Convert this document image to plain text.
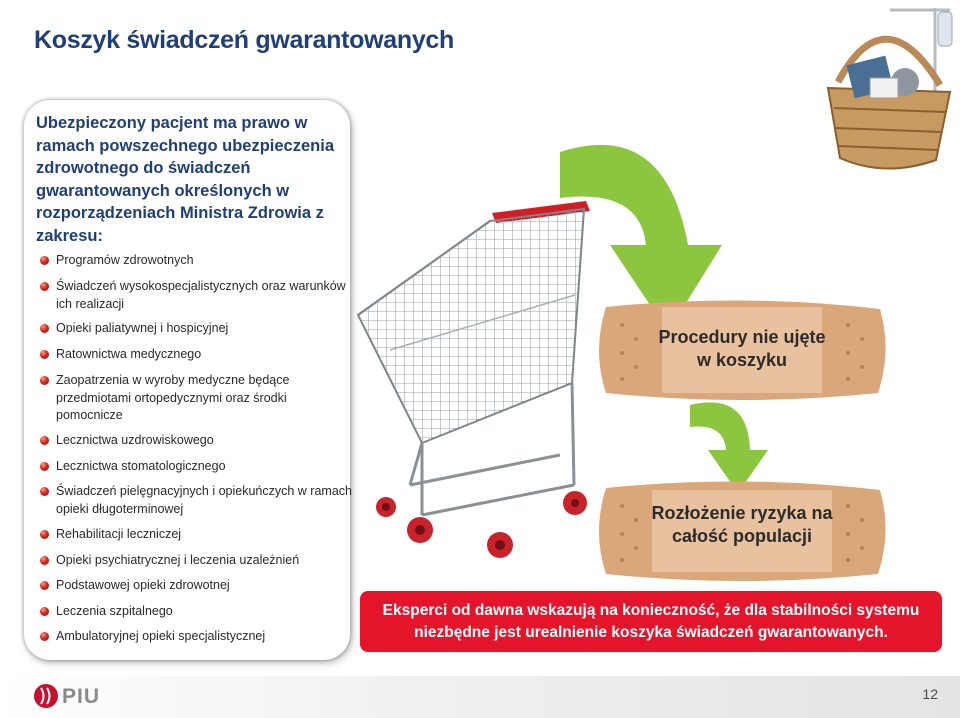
Koszyk świadczeń gwarantowanych
Ubezpieczony pacjent ma prawo w ramach powszechnego ubezpieczenia zdrowotnego do świadczeń gwarantowanych określonych w rozporządzeniach Ministra Zdrowia z zakresu:
Programów zdrowotnych
Świadczeń wysokospecjalistycznych oraz warunków ich realizacji
Opieki paliatywnej i hospicyjnej
Ratownictwa medycznego
Zaopatrzenia w wyroby medyczne będące przedmiotami ortopedycznymi oraz środki pomocnicze
Lecznictwa uzdrowiskowego
Lecznictwa stomatologicznego
Świadczeń pielęgnacyjnych i opiekuńczych w ramach opieki długoterminowej
Rehabilitacji leczniczej
Opieki psychiatrycznej i leczenia uzależnień
Podstawowej opieki zdrowotnej
Leczenia szpitalnego
Ambulatoryjnej opieki specjalistycznej
Procedury nie ujęte
w koszyku
Rozłożenie ryzyka na
całość populacji
Eksperci od dawna wskazują na konieczność, że dla stabilności systemu
niezbędne jest urealnienie koszyka świadczeń gwarantowanych.
PIU	12
